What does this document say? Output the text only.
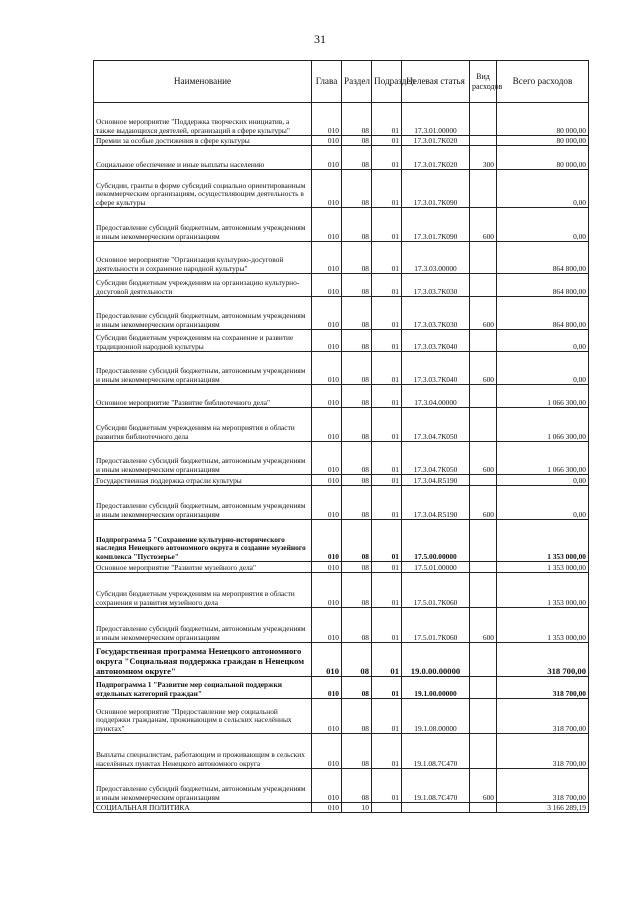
31
Наименование	Глава	Раздел	Подраздел	Целевая статья	Вид расходов	Всего расходов
Основное мероприятие "Поддержка творческих инициатив, а также выдающихся деятелей, организаций в сфере культуры"	010	08	01	17.3.01.00000		80 000,00
Премии за особые достижения в сфере культуры	010	08	01	17.3.01.7К020		80 000,00
Социальное обеспечение и иные выплаты населению	010	08	01	17.3.01.7К020	300	80 000,00
Субсидии, гранты в форме субсидий социально ориентированным некоммерческим организациям, осуществляющим деятельность в сфере культуры	010	08	01	17.3.01.7К090		0,00
Предоставление субсидий бюджетным, автономным учреждениям и иным некоммерческим организациям	010	08	01	17.3.01.7К090	600	0,00
Основное мероприятие "Организация культурно-досуговой деятельности и сохранение народной культуры"	010	08	01	17.3.03.00000		864 800,00
Субсидии бюджетным учреждениям на организацию культурно-досуговой деятельности	010	08	01	17.3.03.7К030		864 800,00
Предоставление субсидий бюджетным, автономным учреждениям и иным некоммерческим организациям	010	08	01	17.3.03.7К030	600	864 800,00
Субсидии бюджетным учреждениям на сохранение и развитие традиционной народной культуры	010	08	01	17.3.03.7К040		0,00
Предоставление субсидий бюджетным, автономным учреждениям и иным некоммерческим организациям	010	08	01	17.3.03.7К040	600	0,00
Основное мероприятие "Развитие библиотечного дела"	010	08	01	17.3.04.00000		1 066 300,00
Субсидии бюджетным учреждениям на мероприятия в области развития библиотечного дела	010	08	01	17.3.04.7К050		1 066 300,00
Предоставление субсидий бюджетным, автономным учреждениям и иным некоммерческим организациям	010	08	01	17.3.04.7К050	600	1 066 300,00
Государственная поддержка отрасли культуры	010	08	01	17.3.04.R5190		0,00
Предоставление субсидий бюджетным, автономным учреждениям и иным некоммерческим организациям	010	08	01	17.3.04.R5190	600	0,00
Подпрограмма 5 "Сохранение культурно-исторического наследия Ненецкого автономного округа и создание музейного комплекса "Пустозерье"	010	08	01	17.5.00.00000		1 353 000,00
Основное мероприятие "Развитие музейного дела"	010	08	01	17.5.01.00000		1 353 000,00
Субсидии бюджетным учреждениям на мероприятия в области сохранения и развития музейного дела	010	08	01	17.5.01.7К060		1 353 000,00
Предоставление субсидий бюджетным, автономным учреждениям и иным некоммерческим организациям	010	08	01	17.5.01.7К060	600	1 353 000,00
Государственная программа Ненецкого автономного округа "Социальная поддержка граждан в Ненецком автономном округе"	010	08	01	19.0.00.00000		318 700,00
Подпрограмма 1 "Развитие мер социальной поддержки отдельных категорий граждан"	010	08	01	19.1.00.00000		318 700,00
Основное мероприятие "Предоставление мер социальной поддержки гражданам, проживающим в сельских населённых пунктах"	010	08	01	19.1.08.00000		318 700,00
Выплаты специалистам, работающим и проживающим в сельских населённых пунктах Ненецкого автономного округа	010	08	01	19.1.08.7С470		318 700,00
Предоставление субсидий бюджетным, автономным учреждениям и иным некоммерческим организациям	010	08	01	19.1.08.7С470	600	318 700,00
СОЦИАЛЬНАЯ ПОЛИТИКА	010	10				3 166 289,19
